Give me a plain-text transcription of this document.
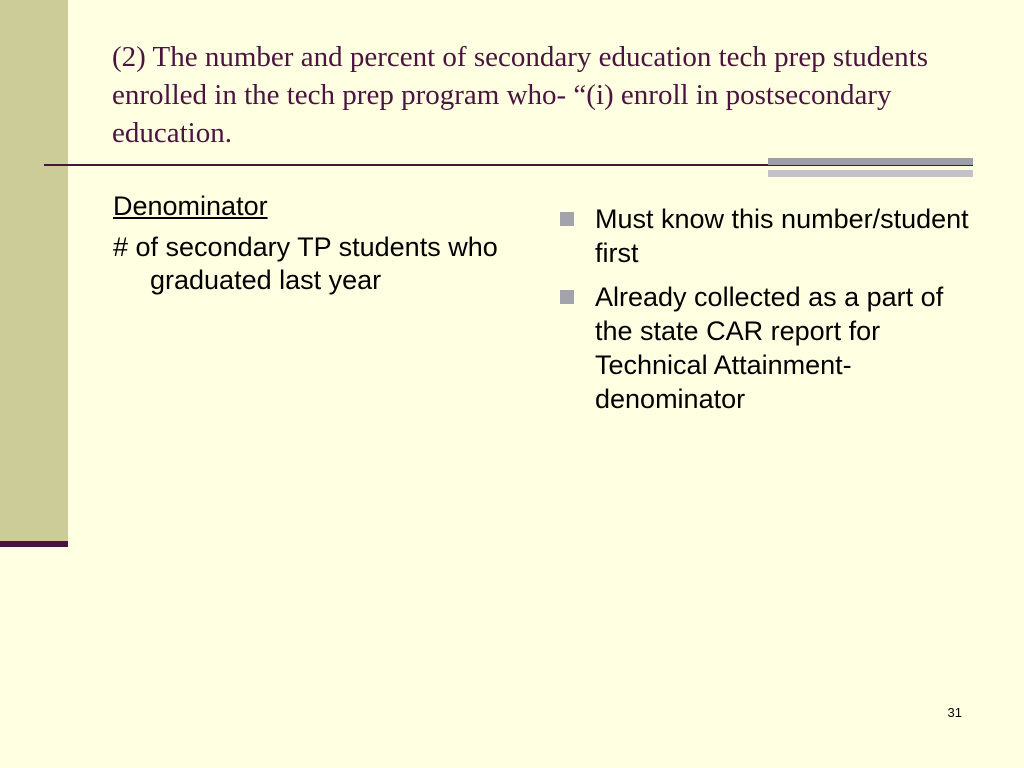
(2) The number and percent of secondary education tech prep students enrolled in the tech prep program who- “(i) enroll in postsecondary education.
Denominator
# of secondary TP students who graduated last year
Must know this number/student first
Already collected as a part of the state CAR report for Technical Attainment-denominator
31
